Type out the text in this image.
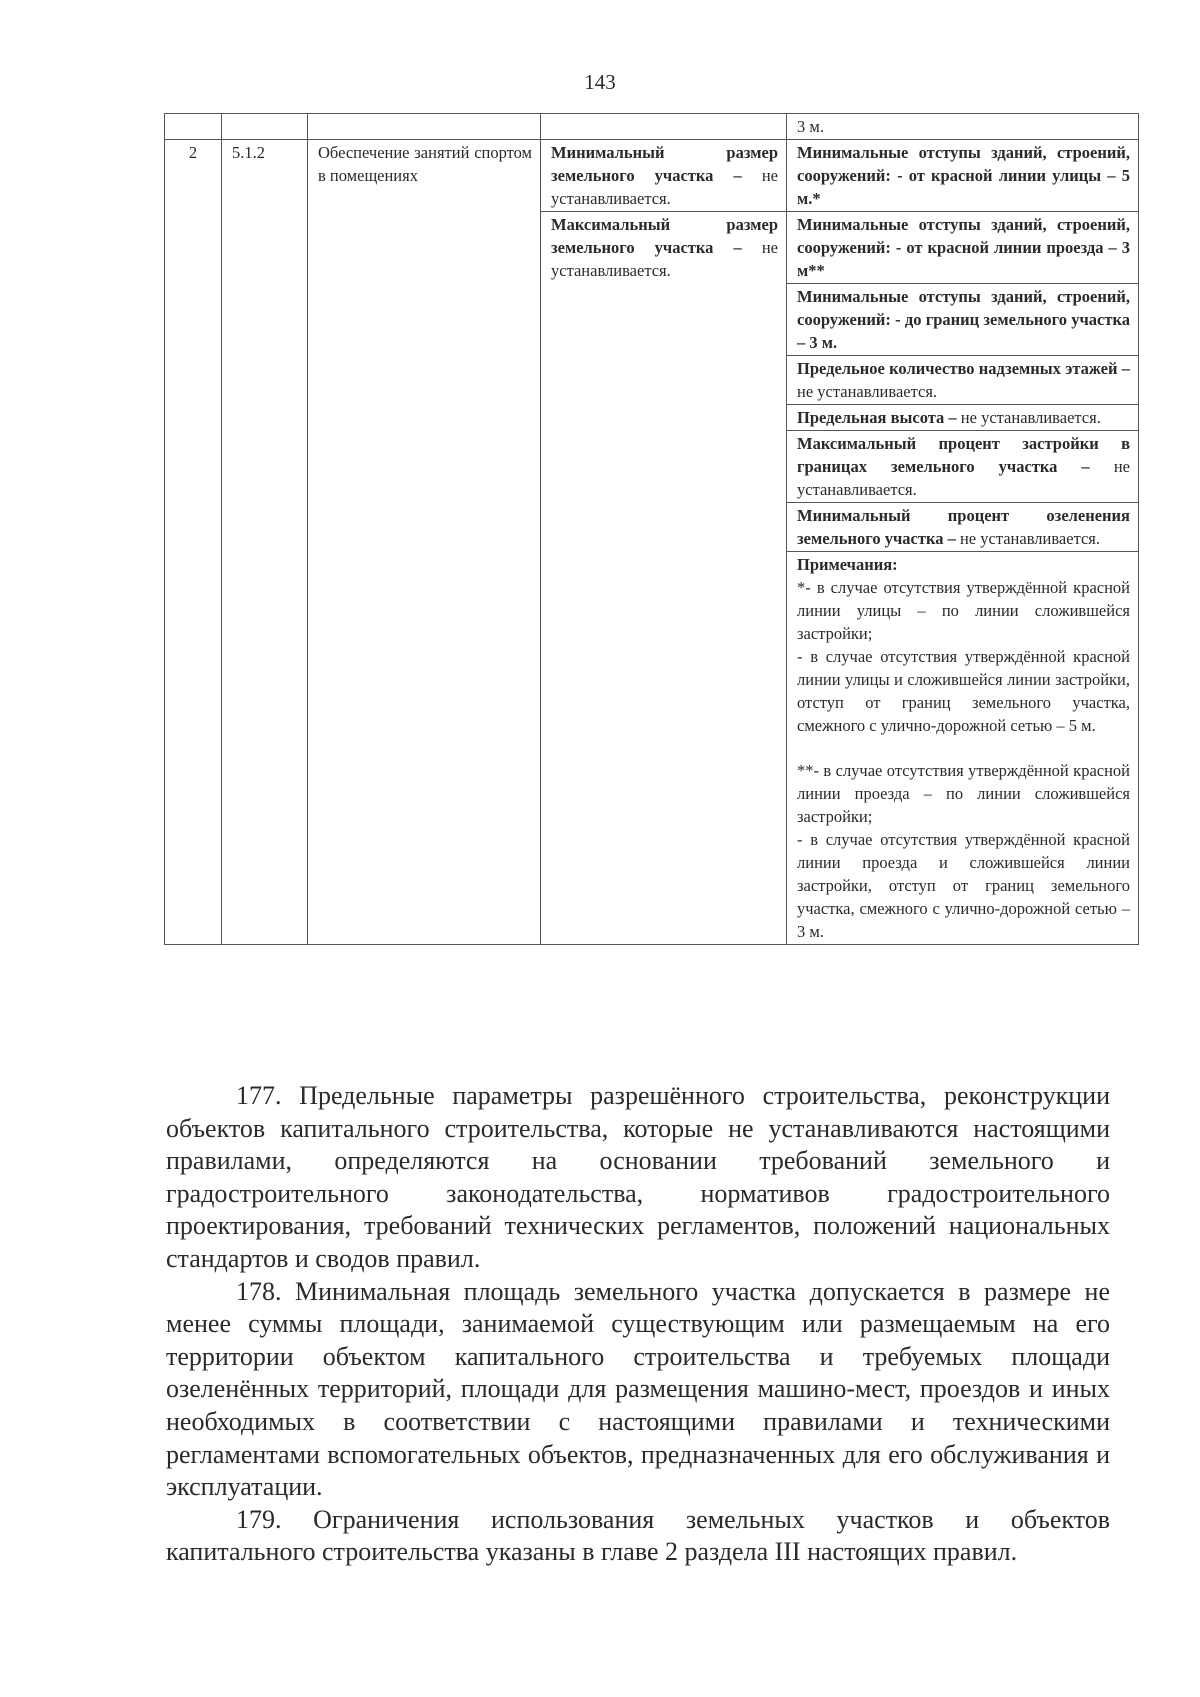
143
				3 м.
2	5.1.2	Обеспечение занятий спортом в помещениях	Минимальный размер земельного участка – не устанавливается.	Минимальные отступы зданий, строений, сооружений: - от красной линии улицы – 5 м.*
			Максимальный размер земельного участка – не устанавливается.	Минимальные отступы зданий, строений, сооружений: - от красной линии проезда – 3 м**
				Минимальные отступы зданий, строений, сооружений: - до границ земельного участка – 3 м.
				Предельное количество надземных этажей – не устанавливается.
				Предельная высота – не устанавливается.
				Максимальный процент застройки в границах земельного участка – не устанавливается.
				Минимальный процент озеленения земельного участка – не устанавливается.

				Примечания:
*- в случае отсутствия утверждённой красной линии улицы – по линии сложившейся застройки;
- в случае отсутствия утверждённой красной линии улицы и сложившейся линии застройки, отступ от границ земельного участка, смежного с улично-дорожной сетью – 5 м.
**- в случае отсутствия утверждённой красной линии проезда – по линии сложившейся застройки;
- в случае отсутствия утверждённой красной линии проезда и сложившейся линии застройки, отступ от границ земельного участка, смежного с улично-дорожной сетью – 3 м.

177. Предельные параметры разрешённого строительства, реконструкции объектов капитального строительства, которые не устанавливаются настоящими правилами, определяются на основании требований земельного и градостроительного законодательства, нормативов градостроительного проектирования, требований технических регламентов, положений национальных стандартов и сводов правил.

178. Минимальная площадь земельного участка допускается в размере не менее суммы площади, занимаемой существующим или размещаемым на его территории объектом капитального строительства и требуемых площади озеленённых территорий, площади для размещения машино-мест, проездов и иных необходимых в соответствии с настоящими правилами и техническими регламентами вспомогательных объектов, предназначенных для его обслуживания и эксплуатации.

179. Ограничения использования земельных участков и объектов капитального строительства указаны в главе 2 раздела III настоящих правил.
